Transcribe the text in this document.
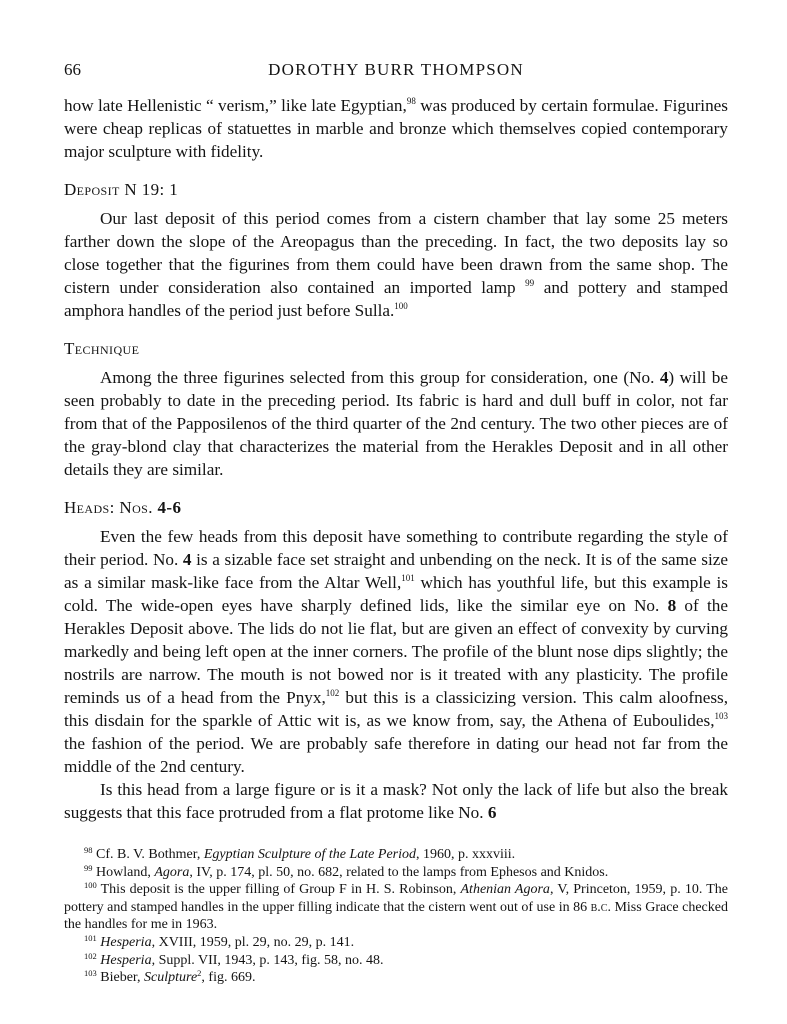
66	DOROTHY BURR THOMPSON

how late Hellenistic “ verism,” like late Egyptian,$^{98}$ was produced by certain formulae. Figurines were cheap replicas of statuettes in marble and bronze which themselves copied contemporary major sculpture with fidelity.

Deposit N 19: 1

Our last deposit of this period comes from a cistern chamber that lay some 25 meters farther down the slope of the Areopagus than the preceding. In fact, the two deposits lay so close together that the figurines from them could have been drawn from the same shop. The cistern under consideration also contained an imported lamp $^{99}$ and pottery and stamped amphora handles of the period just before Sulla.$^{100}$

Technique

Among the three figurines selected from this group for consideration, one (No. 4) will be seen probably to date in the preceding period. Its fabric is hard and dull buff in color, not far from that of the Papposilenos of the third quarter of the 2nd century. The two other pieces are of the gray-blond clay that characterizes the material from the Herakles Deposit and in all other details they are similar.

Heads: Nos. 4-6

Even the few heads from this deposit have something to contribute regarding the style of their period. No. 4 is a sizable face set straight and unbending on the neck. It is of the same size as a similar mask-like face from the Altar Well,$^{101}$ which has youthful life, but this example is cold. The wide-open eyes have sharply defined lids, like the similar eye on No. 8 of the Herakles Deposit above. The lids do not lie flat, but are given an effect of convexity by curving markedly and being left open at the inner corners. The profile of the blunt nose dips slightly; the nostrils are narrow. The mouth is not bowed nor is it treated with any plasticity. The profile reminds us of a head from the Pnyx,$^{102}$ but this is a classicizing version. This calm aloofness, this disdain for the sparkle of Attic wit is, as we know from, say, the Athena of Euboulides,$^{103}$ the fashion of the period. We are probably safe therefore in dating our head not far from the middle of the 2nd century.

Is this head from a large figure or is it a mask? Not only the lack of life but also the break suggests that this face protruded from a flat protome like No. 6

$^{98}$ Cf. B. V. Bothmer, Egyptian Sculpture of the Late Period, 1960, p. xxxviii.
$^{99}$ Howland, Agora, IV, p. 174, pl. 50, no. 682, related to the lamps from Ephesos and Knidos.
$^{100}$ This deposit is the upper filling of Group F in H. S. Robinson, Athenian Agora, V, Princeton, 1959, p. 10. The pottery and stamped handles in the upper filling indicate that the cistern went out of use in 86 b.c. Miss Grace checked the handles for me in 1963.
$^{101}$ Hesperia, XVIII, 1959, pl. 29, no. 29, p. 141.
$^{102}$ Hesperia, Suppl. VII, 1943, p. 143, fig. 58, no. 48.
$^{103}$ Bieber, Sculpture$^2$, fig. 669.
